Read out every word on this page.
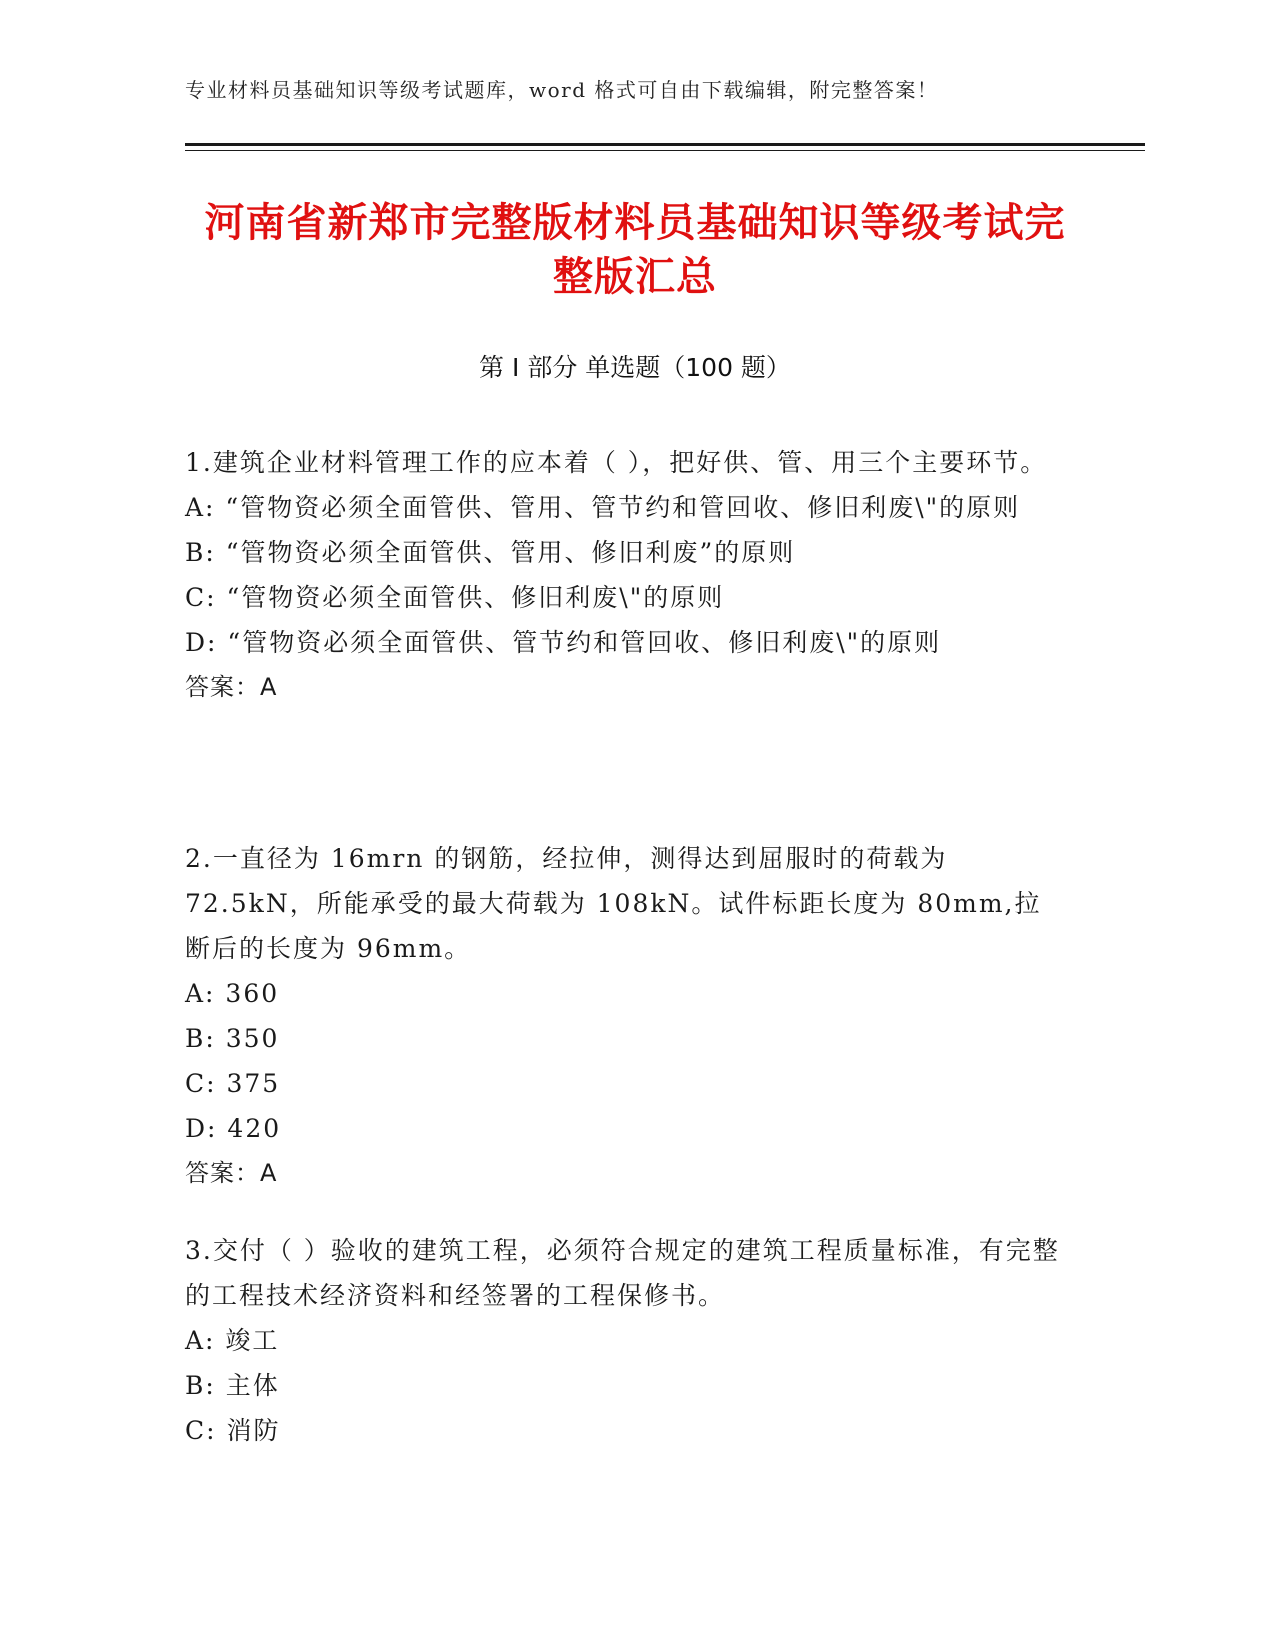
专业材料员基础知识等级考试题库，word 格式可自由下载编辑，附完整答案！
河南省新郑市完整版材料员基础知识等级考试完整版汇总
第 I 部分 单选题（100 题）

1.建筑企业材料管理工作的应本着（ ），把好供、管、用三个主要环节。

A: “管物资必须全面管供、管用、管节约和管回收、修旧利废\"的原则

B: “管物资必须全面管供、管用、修旧利废”的原则

C: “管物资必须全面管供、修旧利废\"的原则

D: “管物资必须全面管供、管节约和管回收、修旧利废\"的原则

答案：A

2.一直径为 16mrn 的钢筋，经拉伸，测得达到屈服时的荷载为 72.5kN，所能承受的最大荷载为 108kN。试件标距长度为 80mm,拉断后的长度为 96mm。

A: 360

B: 350

C: 375

D: 420

答案：A

3.交付（ ）验收的建筑工程，必须符合规定的建筑工程质量标准，有完整的工程技术经济资料和经签署的工程保修书。

A: 竣工

B: 主体

C: 消防
